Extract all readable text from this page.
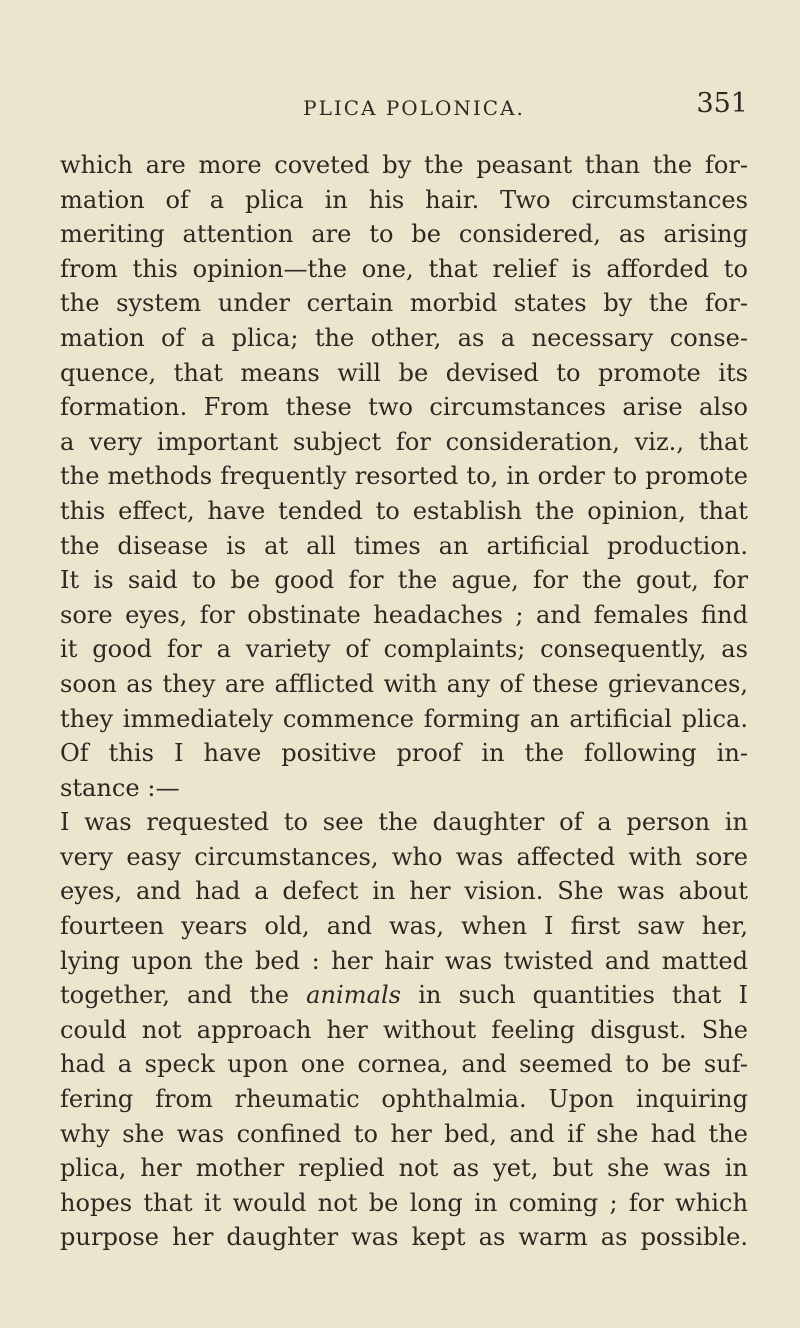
PLICA POLONICA.	351
which are more coveted by the peasant than the for-
mation of a plica in his hair. Two circumstances
meriting attention are to be considered, as arising
from this opinion—the one, that relief is afforded to
the system under certain morbid states by the for-
mation of a plica; the other, as a necessary conse-
quence, that means will be devised to promote its
formation. From these two circumstances arise also
a very important subject for consideration, viz., that
the methods frequently resorted to, in order to promote
this effect, have tended to establish the opinion, that
the disease is at all times an artificial production.
It is said to be good for the ague, for the gout, for
sore eyes, for obstinate headaches ; and females find
it good for a variety of complaints; consequently, as
soon as they are afflicted with any of these grievances,
they immediately commence forming an artificial plica.
Of this I have positive proof in the following in-
stance :—
I was requested to see the daughter of a person in
very easy circumstances, who was affected with sore
eyes, and had a defect in her vision. She was about
fourteen years old, and was, when I first saw her,
lying upon the bed : her hair was twisted and matted
together, and the animals in such quantities that I
could not approach her without feeling disgust. She
had a speck upon one cornea, and seemed to be suf-
fering from rheumatic ophthalmia. Upon inquiring
why she was confined to her bed, and if she had the
plica, her mother replied not as yet, but she was in
hopes that it would not be long in coming ; for which
purpose her daughter was kept as warm as possible.
